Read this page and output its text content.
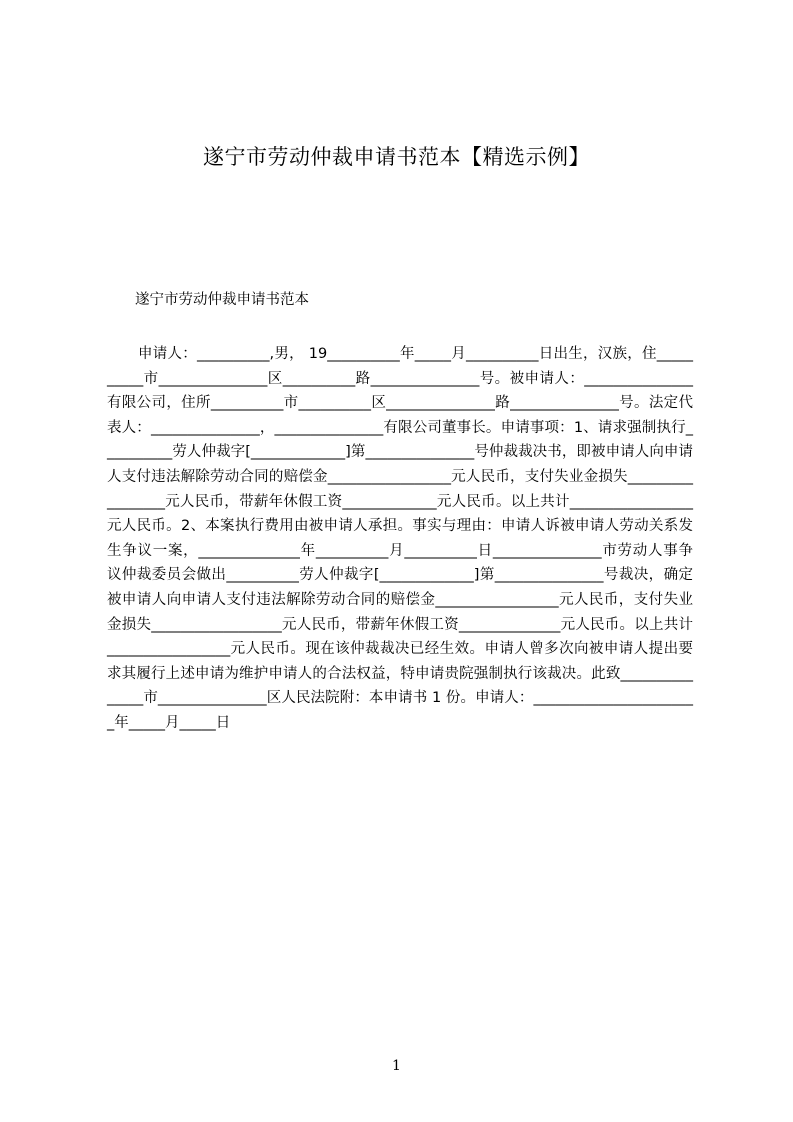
遂宁市劳动仲裁申请书范本【精选示例】

遂宁市劳动仲裁申请书范本

申请人：__________,男， 19__________年_____月__________日出生，汉族，住__________市_______________区__________路_______________号。被申请人：_______________有限公司，住所__________市__________区_______________路_______________号。法定代表人：_______________，_______________有限公司董事长。申请事项：1、请求强制执行__________劳人仲裁字[_____________]第_______________号仲裁裁决书，即被申请人向申请人支付违法解除劳动合同的赔偿金_________________元人民币，支付失业金损失_________________元人民币，带薪年休假工资_____________元人民币。以上共计_________________元人民币。2、本案执行费用由被申请人承担。事实与理由：申请人诉被申请人劳动关系发生争议一案，______________年__________月__________日_______________市劳动人事争议仲裁委员会做出__________劳人仲裁字[_____________]第_______________号裁决，确定被申请人向申请人支付违法解除劳动合同的赔偿金_________________元人民币，支付失业金损失__________________元人民币，带薪年休假工资______________元人民币。以上共计_________________元人民币。现在该仲裁裁决已经生效。申请人曾多次向被申请人提出要求其履行上述申请为维护申请人的合法权益，特申请贵院强制执行该裁决。此致_______________市_______________区人民法院附：本申请书 1 份。申请人：_______________________年_____月_____日

1
